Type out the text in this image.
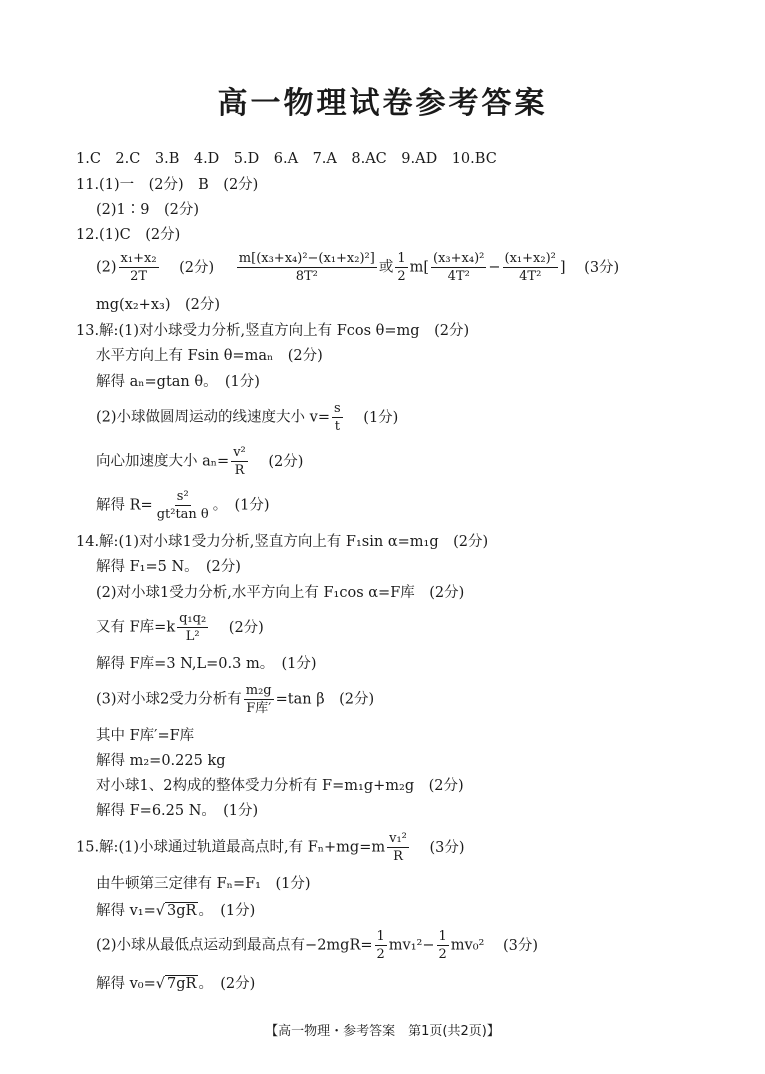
高一物理试卷参考答案
1.C　2.C　3.B　4.D　5.D　6.A　7.A　8.AC　9.AD　10.BC
11.(1)一　(2分)　B　(2分)
(2)1∶9　(2分)
12.(1)C　(2分)
$(2) \frac{\text{x₁+x₂}}{2T} (2$分) $\frac{\text{m[(x₃+x₄)²−(x₁+x₂)²]}}{\text{8T²}}$ 或 $\frac{1}{2} m[ \frac{\text{(x₃+x₄)²}}{\text{4T²}} - \frac{\text{(x₁+x₂)²}}{\text{4T²}}$ ] (3分)
mg(x₂+x₃)　(2分)
13.解:(1)对小球受力分析,竖直方向上有 Fcos θ=mg　(2分)
水平方向上有 Fsin θ=maₙ　(2分)
解得 aₙ=gtan θ。　(1分)
(2)小球做圆周运动的线速度大小 $v= \frac{s}{t} (1$分)
向心加速度大小 $a_n= \frac{\text{v²}}{R} (2$分)
解得 $R= \frac{\text{s²}}{\text{gt²tan θ}}$ 。　(1分)
14.解:(1)对小球1受力分析,竖直方向上有 F₁sin α=m₁g　(2分)
解得 F₁=5 N。　(2分)
(2)对小球1受力分析,水平方向上有 F₁cos α=F库　(2分)
又有 F库$=k \frac{\text{q₁q₂}}{\text{L²}} (2$分)
解得 F库=3 N,L=0.3 m。　(1分)
(3)对小球2受力分析有 $\frac{\text{m₂g}}{\text{F库′}} =\tan$ β　(2分)
其中 F库′=F库
解得 m₂=0.225 kg
对小球1、2构成的整体受力分析有 F=m₁g+m₂g　(2分)
解得 F=6.25 N。　(1分)
15.解:(1)小球通过轨道最高点时,有 $F_n+mg=m \frac{\text{v₁²}}{R} (3$分)
由牛顿第三定律有 Fₙ=F₁　(1分)
解得 v₁=√ 3gR 。　(1分)
(2)小球从最低点运动到最高点有$-2mgR= \frac{1}{2} mv_1^2- \frac{1}{2} mv_0^2$ (3分)
解得 v₀=√ 7gR 。　(2分)
【高一物理・参考答案　第1页(共2页)】
